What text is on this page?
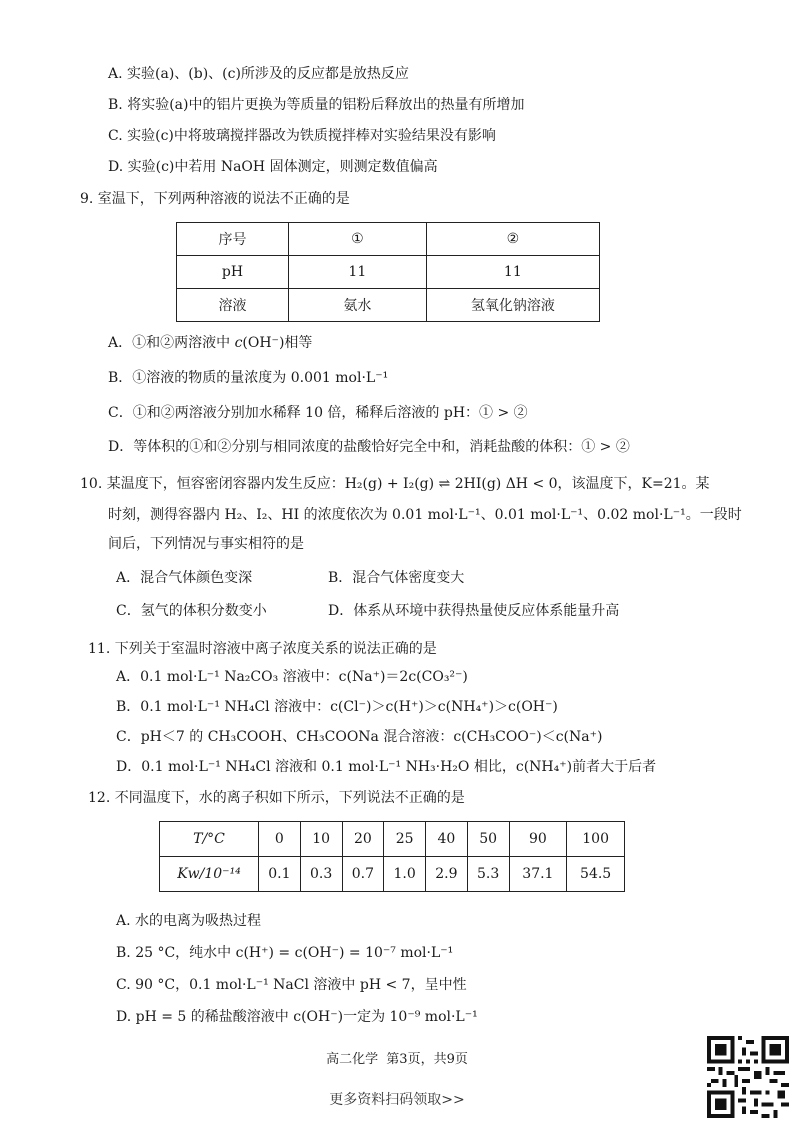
A. 实验(a)、(b)、(c)所涉及的反应都是放热反应
B. 将实验(a)中的铝片更换为等质量的铝粉后释放出的热量有所增加
C. 实验(c)中将玻璃搅拌器改为铁质搅拌棒对实验结果没有影响
D. 实验(c)中若用 NaOH 固体测定，则测定数值偏高
9. 室温下，下列两种溶液的说法不正确的是
序号	①	②
pH	11	11
溶液	氨水	氢氧化钠溶液
A．①和②两溶液中 c(OH⁻)相等
B．①溶液的物质的量浓度为 0.001 mol·L⁻¹
C．①和②两溶液分别加水稀释 10 倍，稀释后溶液的 pH：① > ②
D．等体积的①和②分别与相同浓度的盐酸恰好完全中和，消耗盐酸的体积：① > ②
10. 某温度下，恒容密闭容器内发生反应：H₂(g) + I₂(g) ⇌ 2HI(g) ΔH < 0，该温度下，K=21。某
时刻，测得容器内 H₂、I₂、HI 的浓度依次为 0.01 mol·L⁻¹、0.01 mol·L⁻¹、0.02 mol·L⁻¹。一段时
间后，下列情况与事实相符的是
A．混合气体颜色变深	B．混合气体密度变大
C．氢气的体积分数变小	D．体系从环境中获得热量使反应体系能量升高
11. 下列关于室温时溶液中离子浓度关系的说法正确的是
A．0.1 mol·L⁻¹ Na₂CO₃ 溶液中：c(Na⁺)＝2c(CO₃²⁻)
B．0.1 mol·L⁻¹ NH₄Cl 溶液中：c(Cl⁻)＞c(H⁺)＞c(NH₄⁺)＞c(OH⁻)
C．pH＜7 的 CH₃COOH、CH₃COONa 混合溶液：c(CH₃COO⁻)＜c(Na⁺)
D．0.1 mol·L⁻¹ NH₄Cl 溶液和 0.1 mol·L⁻¹ NH₃·H₂O 相比，c(NH₄⁺)前者大于后者
12. 不同温度下，水的离子积如下所示，下列说法不正确的是
T/°C	0	10	20	25	40	50	90	100
Kw/10⁻¹⁴	0.1	0.3	0.7	1.0	2.9	5.3	37.1	54.5
A. 水的电离为吸热过程
B. 25 °C，纯水中 c(H⁺) = c(OH⁻) = 10⁻⁷ mol·L⁻¹
C. 90 °C，0.1 mol·L⁻¹ NaCl 溶液中 pH < 7，呈中性
D. pH = 5 的稀盐酸溶液中 c(OH⁻)一定为 10⁻⁹ mol·L⁻¹
高二化学 第3页，共9页
更多资料扫码领取>>
